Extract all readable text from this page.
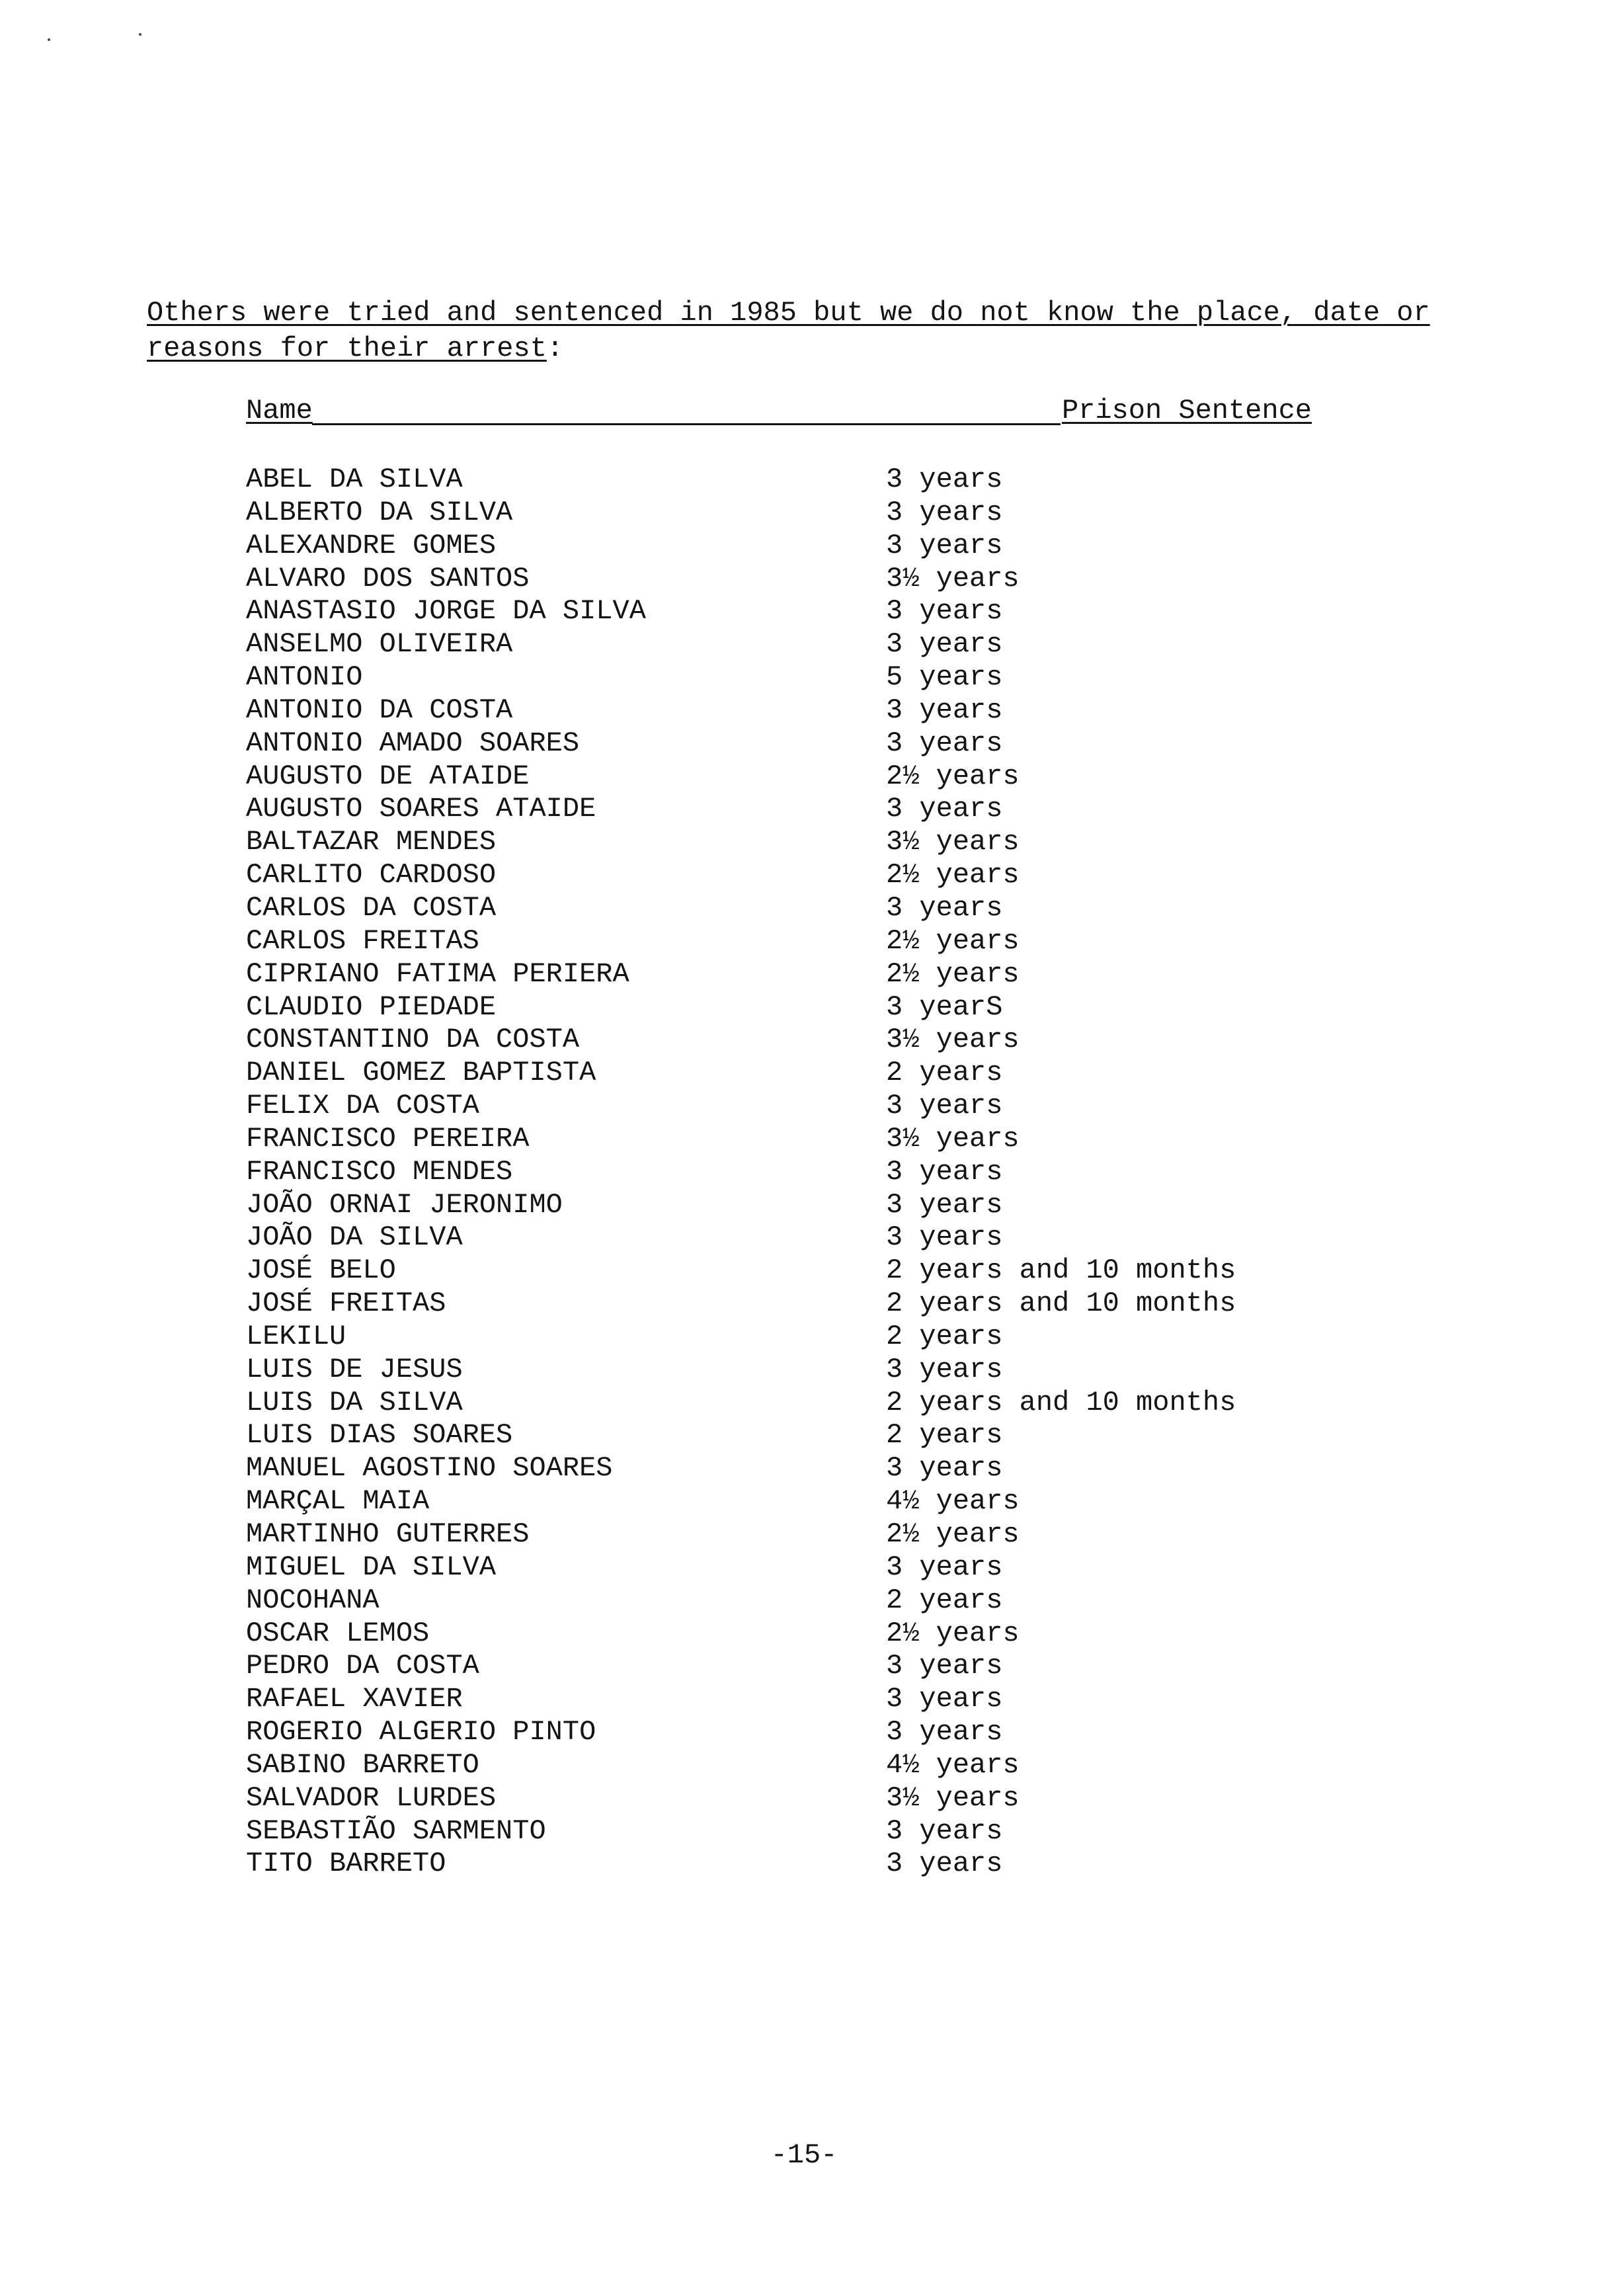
Others were tried and sentenced in 1985 but we do not know the place, date or
reasons for their arrest:
Name	Prison Sentence
ABEL DA SILVA	3 years
ALBERTO DA SILVA	3 years
ALEXANDRE GOMES	3 years
ALVARO DOS SANTOS	3½ years
ANASTASIO JORGE DA SILVA	3 years
ANSELMO OLIVEIRA	3 years
ANTONIO	5 years
ANTONIO DA COSTA	3 years
ANTONIO AMADO SOARES	3 years
AUGUSTO DE ATAIDE	2½ years
AUGUSTO SOARES ATAIDE	3 years
BALTAZAR MENDES	3½ years
CARLITO CARDOSO	2½ years
CARLOS DA COSTA	3 years
CARLOS FREITAS	2½ years
CIPRIANO FATIMA PERIERA	2½ years
CLAUDIO PIEDADE	3 yearS
CONSTANTINO DA COSTA	3½ years
DANIEL GOMEZ BAPTISTA	2 years
FELIX DA COSTA	3 years
FRANCISCO PEREIRA	3½ years
FRANCISCO MENDES	3 years
JOÃO ORNAI JERONIMO	3 years
JOÃO DA SILVA	3 years
JOSÉ BELO	2 years and 10 months
JOSÉ FREITAS	2 years and 10 months
LEKILU	2 years
LUIS DE JESUS	3 years
LUIS DA SILVA	2 years and 10 months
LUIS DIAS SOARES	2 years
MANUEL AGOSTINO SOARES	3 years
MARÇAL MAIA	4½ years
MARTINHO GUTERRES	2½ years
MIGUEL DA SILVA	3 years
NOCOHANA	2 years
OSCAR LEMOS	2½ years
PEDRO DA COSTA	3 years
RAFAEL XAVIER	3 years
ROGERIO ALGERIO PINTO	3 years
SABINO BARRETO	4½ years
SALVADOR LURDES	3½ years
SEBASTIÃO SARMENTO	3 years
TITO BARRETO	3 years
-15-
